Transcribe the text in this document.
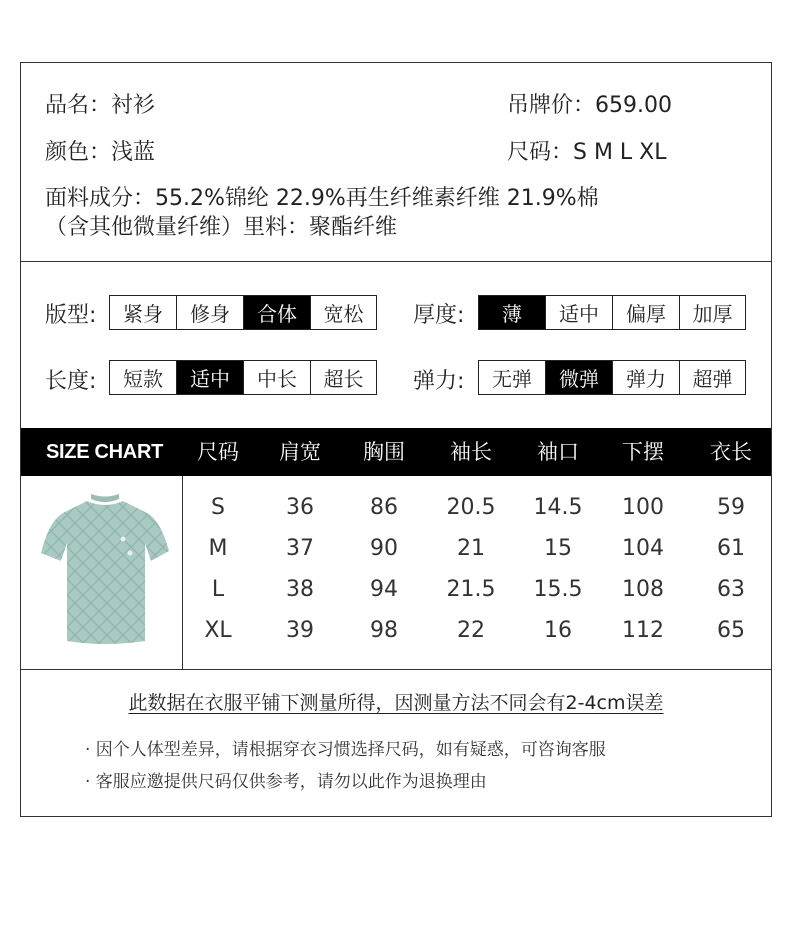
品名：衬衫	吊牌价：659.00
颜色：浅蓝	尺码：S M L XL
面料成分：55.2%锦纶 22.9%再生纤维素纤维 21.9%棉
（含其他微量纤维）里料：聚酯纤维
版型:	紧身	修身	合体	宽松	厚度:	薄	适中	偏厚	加厚
长度:	短款	适中	中长	超长	弹力:	无弹	微弹	弹力	超弹
SIZE CHART 尺码 肩宽 胸围 袖长 袖口 下摆 衣长
S	36	86 20.5 14.5 100 59
M	37	90	21	15 104 61
L	38	94 21.5 15.5 108 63
XL 39	98	22	16 112 65
此数据在衣服平铺下测量所得，因测量方法不同会有2-4cm误差
· 因个人体型差异，请根据穿衣习惯选择尺码，如有疑惑，可咨询客服
· 客服应邀提供尺码仅供参考，请勿以此作为退换理由
